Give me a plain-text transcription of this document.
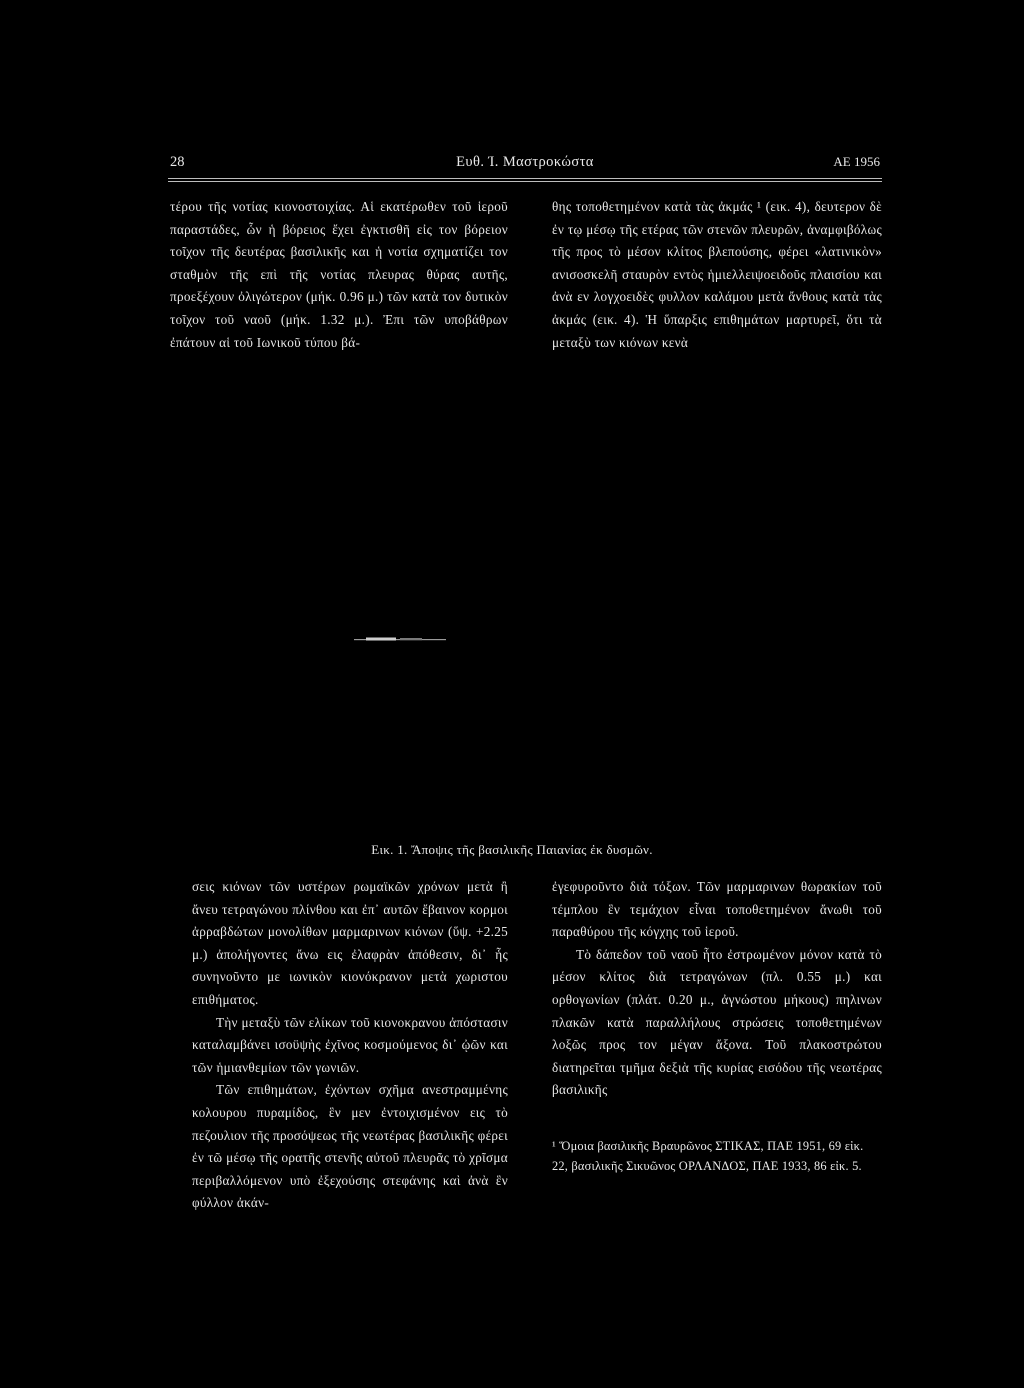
28	Ευθ. Ί. Μαστροκώστα	ΑΕ 1956

τέρου τῆς νοτίας κιονοστοιχίας. Αἱ εκατέρωθεν τοῦ ἱεροῦ παραστάδες, ὧν ἡ βόρειος ἔχει ἐγκτισθῆ εἰς τον βόρειον τοῖχον τῆς δευτέρας βασιλικῆς και ἡ νοτία σχηματίζει τον σταθμὸν τῆς επὶ τῆς νοτίας πλευρας θύρας αυτῆς, προεξέχουν ὀλιγώτερον (μήκ. 0.96 μ.) τῶν κατὰ τον δυτικὸν τοῖχον τοῦ ναοῦ (μήκ. 1.32 μ.). Ἐπι τῶν υποβάθρων ἐπάτουν αἱ τοῦ Ιωνικοῦ τύπου βά-

θης τοποθετημένον κατὰ τὰς ἀκμάς ¹ (εικ. 4), δευτερον δὲ ἐν τῳ μέσῳ τῆς ετέρας τῶν στενῶν πλευρῶν, ἀναμφιβόλως τῆς προς τὸ μέσον κλίτος βλεπούσης, φέρει «λατινικὸν» ανισοσκελῆ σταυρὸν εντὸς ἡμιελλειψοειδοῦς πλαισίου και ἀνὰ εν λογχοειδὲς φυλλον καλάμου μετὰ ἄνθους κατὰ τὰς ἀκμάς (εικ. 4). Ἡ ὕπαρξις επιθημάτων μαρτυρεῖ, ὅτι τὰ μεταξὺ των κιόνων κενὰ

Εικ. 1. Ἄποψις τῆς βασιλικῆς Παιανίας ἐκ δυσμῶν.

σεις κιόνων τῶν υστέρων ρωμαϊκῶν χρόνων μετὰ ἢ ἄνευ τετραγώνου πλίνθου και ἐπ᾽ αυτῶν ἔβαινον κορμοι ἀρραβδώτων μονολίθων μαρμαρινων κιόνων (ὕψ. +2.25 μ.) ἀπολήγοντες ἄνω εις ἐλαφρὰν ἀπόθεσιν, δι᾽ ἧς συνηνοῦντο με ιωνικὸν κιονόκρανον μετὰ χωριστου επιθήματος.

Τὴν μεταξὺ τῶν ελίκων τοῦ κιονοκρανου ἀπόστασιν καταλαμβάνει ισοϋψὴς ἐχῖνος κοσμούμενος δι᾽ ᾠῶν και τῶν ἡμιανθεμίων τῶν γωνιῶν.

Τῶν επιθημάτων, ἐχόντων σχῆμα ανεστραμμένης κολουρου πυραμίδος, ἓν μεν ἐντοιχισμένον εις τὸ πεζουλιον τῆς προσόψεως τῆς νεωτέρας βασιλικῆς φέρει ἐν τῶ μέσῳ τῆς ορατῆς στενῆς αὐτοῦ πλευρᾶς τὸ χρῖσμα περιβαλλόμενον υπὸ ἐξεχούσης στεφάνης καὶ ἀνὰ ἓν φύλλον ἀκάν-

ἐγεφυροῦντο διὰ τόξων. Τῶν μαρμαρινων θωρακίων τοῦ τέμπλου ἓν τεμάχιον εἶναι τοποθετημένον ἄνωθι τοῦ παραθύρου τῆς κόγχης τοῦ ἱεροῦ.

Τὸ δάπεδον τοῦ ναοῦ ἦτο ἐστρωμένον μόνον κατὰ τὸ μέσον κλίτος διὰ τετραγώνων (πλ. 0.55 μ.) και ορθογωνίων (πλάτ. 0.20 μ., ἀγνώστου μήκους) πηλινων πλακῶν κατὰ παραλλήλους στρώσεις τοποθετημένων λοξῶς προς τον μέγαν ἄξονα. Τοῦ πλακοστρώτου διατηρεῖται τμῆμα δεξιὰ τῆς κυρίας εισόδου τῆς νεωτέρας βασιλικῆς

¹ Ὅμοια βασιλικῆς Βραυρῶνος ΣΤΙΚΑΣ, ΠΑΕ 1951, 69 εἰκ. 22, βασιλικῆς Σικυῶνος ΟΡΛΑΝΔΟΣ, ΠΑΕ 1933, 86 εἰκ. 5.
